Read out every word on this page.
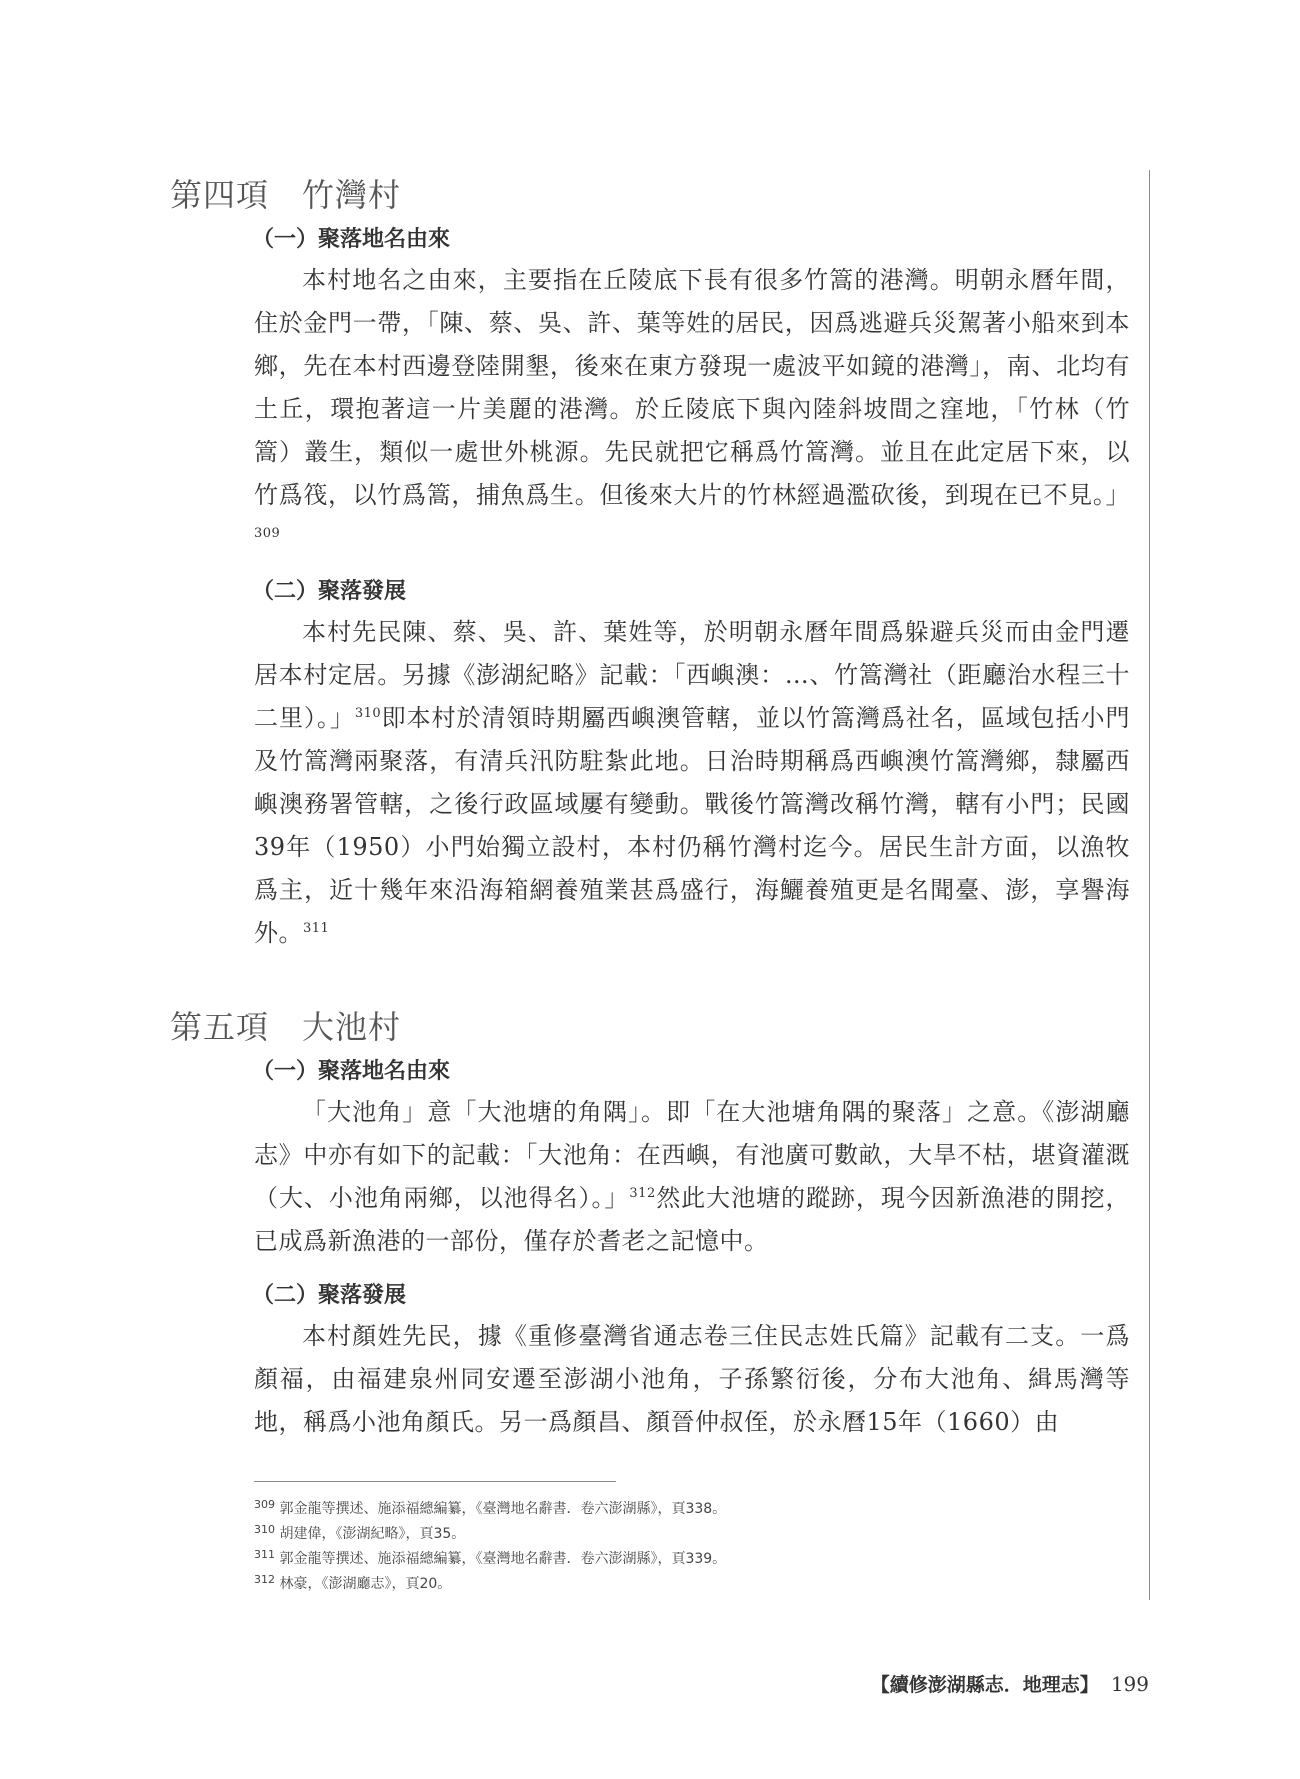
第四項　竹灣村
（一）聚落地名由來

本村地名之由來，主要指在丘陵底下長有很多竹篙的港灣。明朝永曆年間，住於金門一帶，「陳、蔡、吳、許、葉等姓的居民，因爲逃避兵災駕著小船來到本鄉，先在本村西邊登陸開墾，後來在東方發現一處波平如鏡的港灣」，南、北均有土丘，環抱著這一片美麗的港灣。於丘陵底下與內陸斜坡間之窪地，「竹林（竹篙）叢生，類似一處世外桃源。先民就把它稱爲竹篙灣。並且在此定居下來，以竹爲筏，以竹爲篙，捕魚爲生。但後來大片的竹林經過濫砍後，到現在已不見。」$^{309}$

（二）聚落發展

本村先民陳、蔡、吳、許、葉姓等，於明朝永曆年間爲躲避兵災而由金門遷居本村定居。另據《澎湖紀略》記載：「西嶼澳：…、竹篙灣社（距廳治水程三十二里）。」$^{310}$即本村於清領時期屬西嶼澳管轄，並以竹篙灣爲社名，區域包括小門及竹篙灣兩聚落，有清兵汛防駐紮此地。日治時期稱爲西嶼澳竹篙灣鄉，隸屬西嶼澳務署管轄，之後行政區域屢有變動。戰後竹篙灣改稱竹灣，轄有小門；民國39年（1950）小門始獨立設村，本村仍稱竹灣村迄今。居民生計方面，以漁牧爲主，近十幾年來沿海箱網養殖業甚爲盛行，海鱺養殖更是名聞臺、澎，享譽海外。$^{311}$

第五項　大池村
（一）聚落地名由來

「大池角」意「大池塘的角隅」。即「在大池塘角隅的聚落」之意。《澎湖廳志》中亦有如下的記載：「大池角：在西嶼，有池廣可數畝，大旱不枯，堪資灌溉（大、小池角兩鄉，以池得名）。」$^{312}$然此大池塘的蹤跡，現今因新漁港的開挖，已成爲新漁港的一部份，僅存於耆老之記憶中。

（二）聚落發展

本村顏姓先民，據《重修臺灣省通志卷三住民志姓氏篇》記載有二支。一爲顏福，由福建泉州同安遷至澎湖小池角，子孫繁衍後，分布大池角、緝馬灣等地，稱爲小池角顏氏。另一爲顏昌、顏晉仲叔侄，於永曆15年（1660）由

$^{309}$ 郭金龍等撰述、施添福總編纂，《臺灣地名辭書．卷六澎湖縣》，頁338。
$^{310}$ 胡建偉，《澎湖紀略》，頁35。
$^{311}$ 郭金龍等撰述、施添福總編纂，《臺灣地名辭書．卷六澎湖縣》，頁339。
$^{312}$ 林豪，《澎湖廳志》，頁20。
【續修澎湖縣志．地理志】 199
